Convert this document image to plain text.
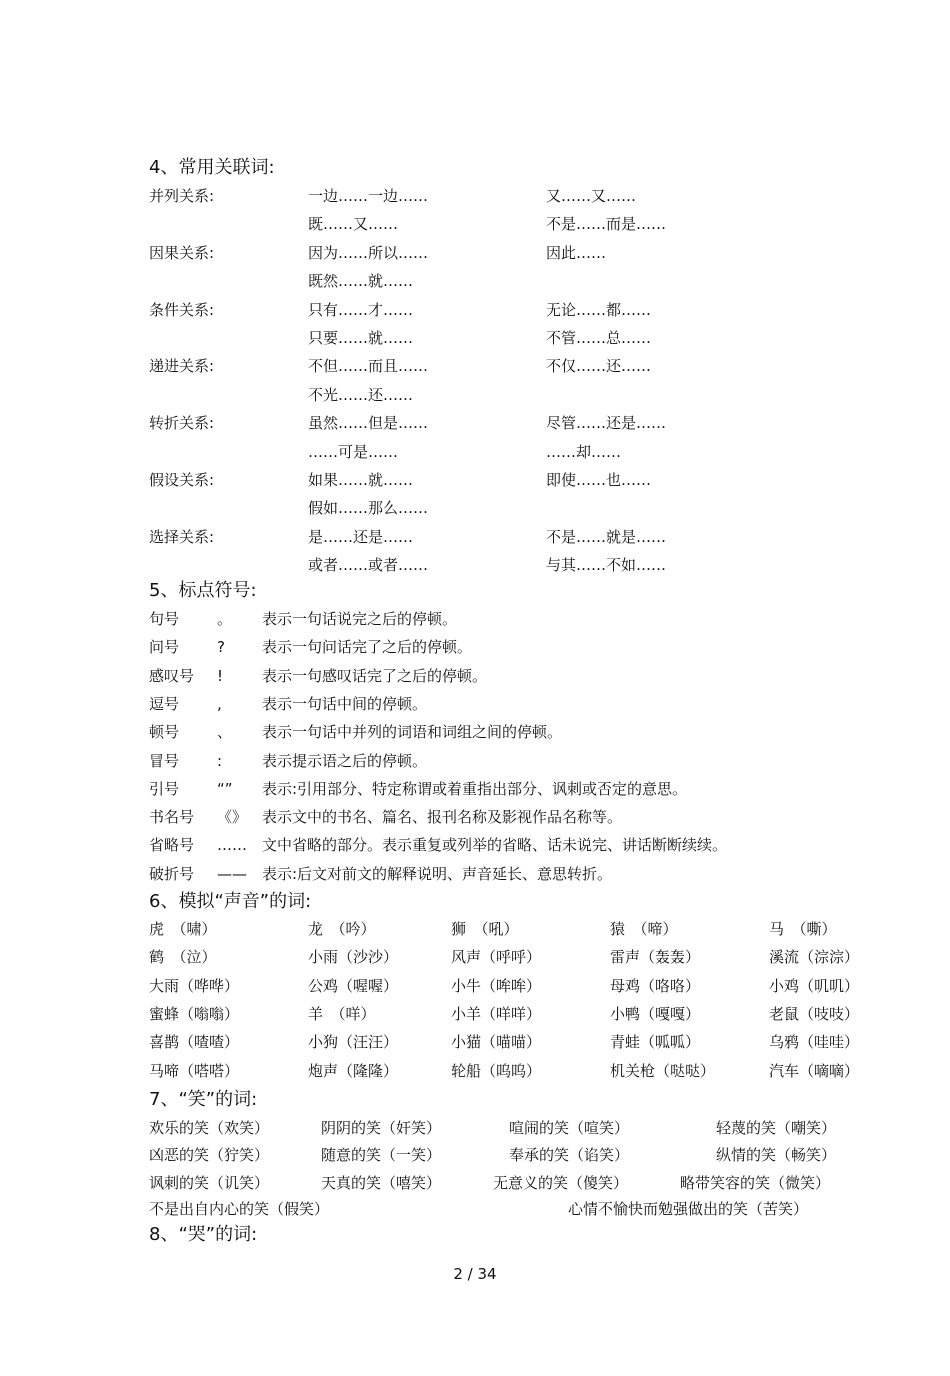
4、常用关联词:
并列关系:	一边……一边……	又……又……
既……又……	不是……而是……
因果关系:	因为……所以……	因此……
既然……就……
条件关系:	只有……才……	无论……都……
只要……就……	不管……总……
递进关系:	不但……而且……	不仅……还……
不光……还……
转折关系:	虽然……但是……	尽管……还是……
……可是……	……却……
假设关系:	如果……就……	即使……也……
假如……那么……
选择关系:	是……还是……	不是……就是……
或者……或者……	与其……不如……
5、标点符号:
句号	。 表示一句话说完之后的停顿。
问号	? 表示一句问话完了之后的停顿。
感叹号 !	表示一句感叹话完了之后的停顿。
逗号	,	表示一句话中间的停顿。
顿号	、 表示一句话中并列的词语和词组之间的停顿。
冒号	:	表示提示语之后的停顿。
引号	“” 表示:引用部分、特定称谓或着重指出部分、讽刺或否定的意思。
书名号 《》 表示文中的书名、篇名、报刊名称及影视作品名称等。
省略号 …… 文中省略的部分。表示重复或列举的省略、话未说完、讲话断断续续。
破折号 —— 表示:后文对前文的解释说明、声音延长、意思转折。
6、模拟“声音”的词:
虎　（啸）	龙　（吟）	狮　（吼）	猿　（啼）	马　（嘶）
鹤　（泣）	小雨（沙沙）	风声（呼呼）	雷声（轰轰）	溪流（淙淙）
大雨（哗哗）	公鸡（喔喔）	小牛（哞哞）	母鸡（咯咯）	小鸡（叽叽）
蜜蜂（嗡嗡）	羊　（咩）	小羊（咩咩）	小鸭（嘎嘎）	老鼠（吱吱）
喜鹊（喳喳）	小狗（汪汪）	小猫（喵喵）	青蛙（呱呱）	乌鸦（哇哇）
马啼（嗒嗒）	炮声（隆隆）	轮船（呜呜）	机关枪（哒哒）	汽车（嘀嘀）
7、“笑”的词:
欢乐的笑（欢笑）	阴阴的笑（奸笑）	喧闹的笑（喧笑）	轻蔑的笑（嘲笑）
凶恶的笑（狞笑）	随意的笑（一笑）	奉承的笑（谄笑）	纵情的笑（畅笑）
讽刺的笑（讥笑）	天真的笑（嘻笑）	无意义的笑（傻笑）	略带笑容的笑（微笑）
不是出自内心的笑（假笑）	心情不愉快而勉强做出的笑（苦笑）
8、“哭”的词:
2 / 34
